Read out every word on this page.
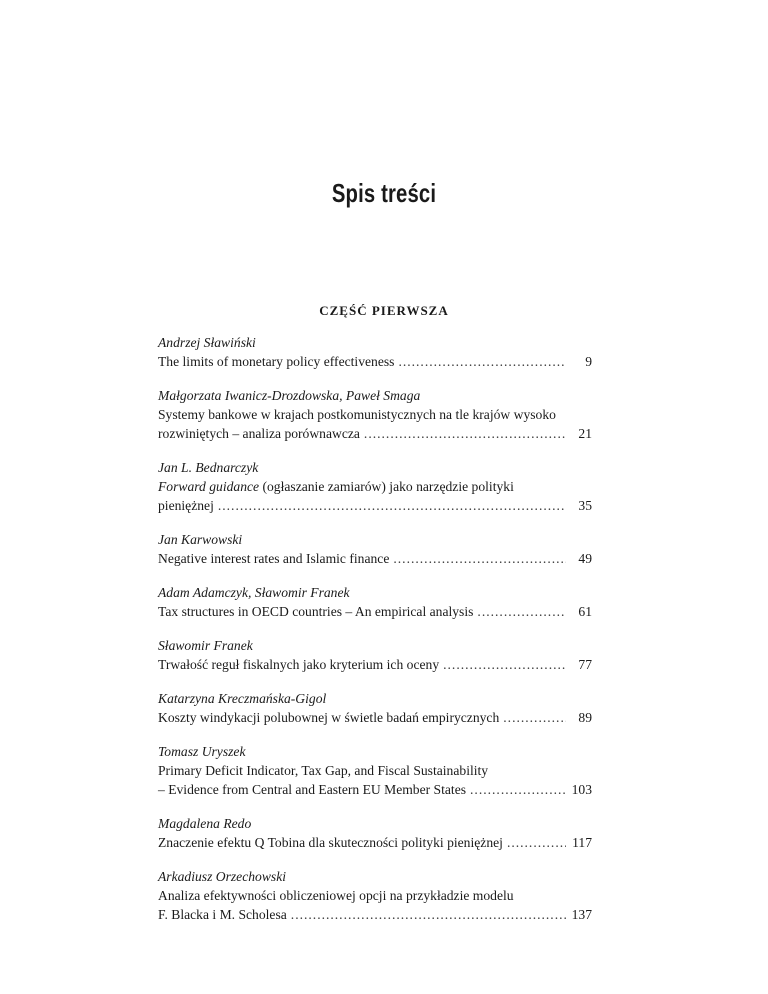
Spis treści
CZĘŚĆ PIERWSZA
Andrzej Sławiński
The limits of monetary policy effectiveness .....	9
Małgorzata Iwanicz-Drozdowska, Paweł Smaga
Systemy bankowe w krajach postkomunistycznych na tle krajów wysoko
rozwiniętych – analiza porównawcza .....	21
Jan L. Bednarczyk
Forward guidance (ogłaszanie zamiarów) jako narzędzie polityki
pieniężnej .....	35
Jan Karwowski
Negative interest rates and Islamic finance .....	49
Adam Adamczyk, Sławomir Franek
Tax structures in OECD countries – An empirical analysis .....	61
Sławomir Franek
Trwałość reguł fiskalnych jako kryterium ich oceny .....	77
Katarzyna Kreczmańska-Gigol
Koszty windykacji polubownej w świetle badań empirycznych .....	89
Tomasz Uryszek
Primary Deficit Indicator, Tax Gap, and Fiscal Sustainability
– Evidence from Central and Eastern EU Member States .....	103
Magdalena Redo
Znaczenie efektu Q Tobina dla skuteczności polityki pieniężnej .....	117
Arkadiusz Orzechowski
Analiza efektywności obliczeniowej opcji na przykładzie modelu
F. Blacka i M. Scholesa .....	137
